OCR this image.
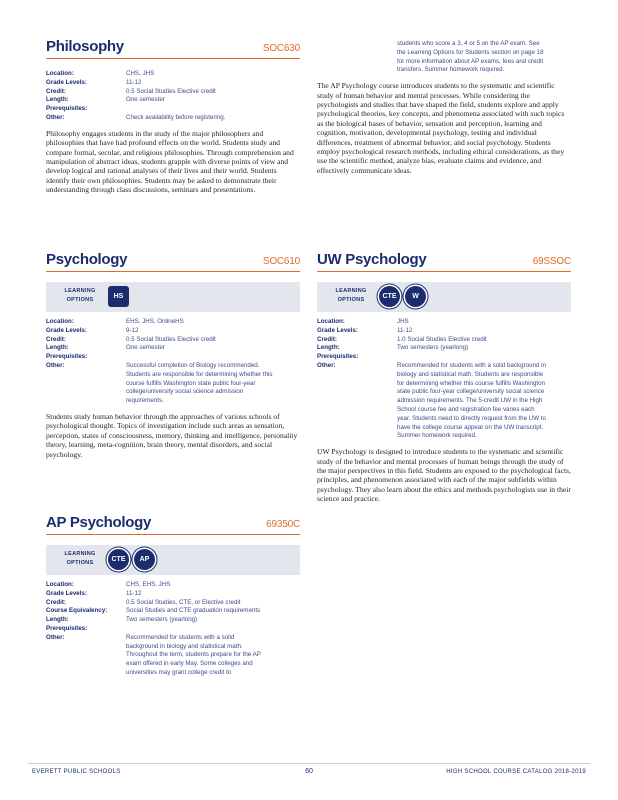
Philosophy	SOC630
Location:	CHS, JHS
Grade Levels:	11-12
Credit:	0.5 Social Studies Elective credit
Length:	One semester
Prerequisites:	
Other:	Check availability before registering.
Philosophy engages students in the study of the major philosophers and philosophies that have had profound effects on the world. Students study and compare formal, secular, and religious philosophies. Through comprehension and manipulation of abstract ideas, students grapple with diverse points of view and develop logical and rational analyses of their lives and their world. Students identify their own philosophies. Students may be asked to demonstrate their understanding through class discussions, seminars and presentations.
Psychology	SOC610
LEARNING OPTIONS	HS
Location:	EHS, JHS, OnlineHS
Grade Levels:	9-12
Credit:	0.5 Social Studies Elective credit
Length:	One semester
Prerequisites:	
Other:	Successful completion of Biology recommended. Students are responsible for determining whether this course fulfills Washington state public four-year college/university social science admission requirements.
Students study human behavior through the approaches of various schools of psychological thought. Topics of investigation include such areas as sensation, perception, states of consciousness, memory, thinking and intelligence, personality theory, learning, meta-cognition, brain theory, mental disorders, and social psychology.
AP Psychology	69350C
LEARNING OPTIONS	CTE	AP
Location:	CHS, EHS, JHS
Grade Levels:	11-12
Credit:	0.5 Social Studies, CTE, or Elective credit
Course Equivalency:	Social Studies and CTE graduation requirements
Length:	Two semesters (yearlong)
Prerequisites:	
Other:	Recommended for students with a solid background in biology and statistical math. Throughout the term, students prepare for the AP exam offered in early May. Some colleges and universities may grant college credit to
students who score a 3, 4 or 5 on the AP exam. See the Learning Options for Students section on page 18 for more information about AP exams, fees and credit transfers. Summer homework required.
The AP Psychology course introduces students to the systematic and scientific study of human behavior and mental processes. While considering the psychologists and studies that have shaped the field, students explore and apply psychological theories, key concepts, and phenomena associated with such topics as the biological bases of behavior, sensation and perception, learning and cognition, motivation, developmental psychology, testing and individual differences, treatment of abnormal behavior, and social psychology. Students employ psychological research methods, including ethical considerations, as they use the scientific method, analyze bias, evaluate claims and evidence, and effectively communicate ideas.
UW Psychology	69SSOC
LEARNING OPTIONS	CTE	W
Location:	JHS
Grade Levels:	11-12
Credit:	1.0 Social Studies Elective credit
Length:	Two semesters (yearlong)
Prerequisites:	
Other:	Recommended for students with a solid background in biology and statistical math. Students are responsible for determining whether this course fulfills Washington state public four-year college/university social science admission requirements. The 5-credit UW in the High School course fee and registration fee varies each year. Students need to directly request from the UW to have the college course appear on the UW transcript. Summer homework required.
UW Psychology is designed to introduce students to the systematic and scientific study of the behavior and mental processes of human beings through the study of the major perspectives in this field. Students are exposed to the psychological facts, principles, and phenomenon associated with each of the major subfields within psychology. They also learn about the ethics and methods psychologists use in their science and practice.
EVERETT PUBLIC SCHOOLS	60	HIGH SCHOOL COURSE CATALOG 2018-2019
